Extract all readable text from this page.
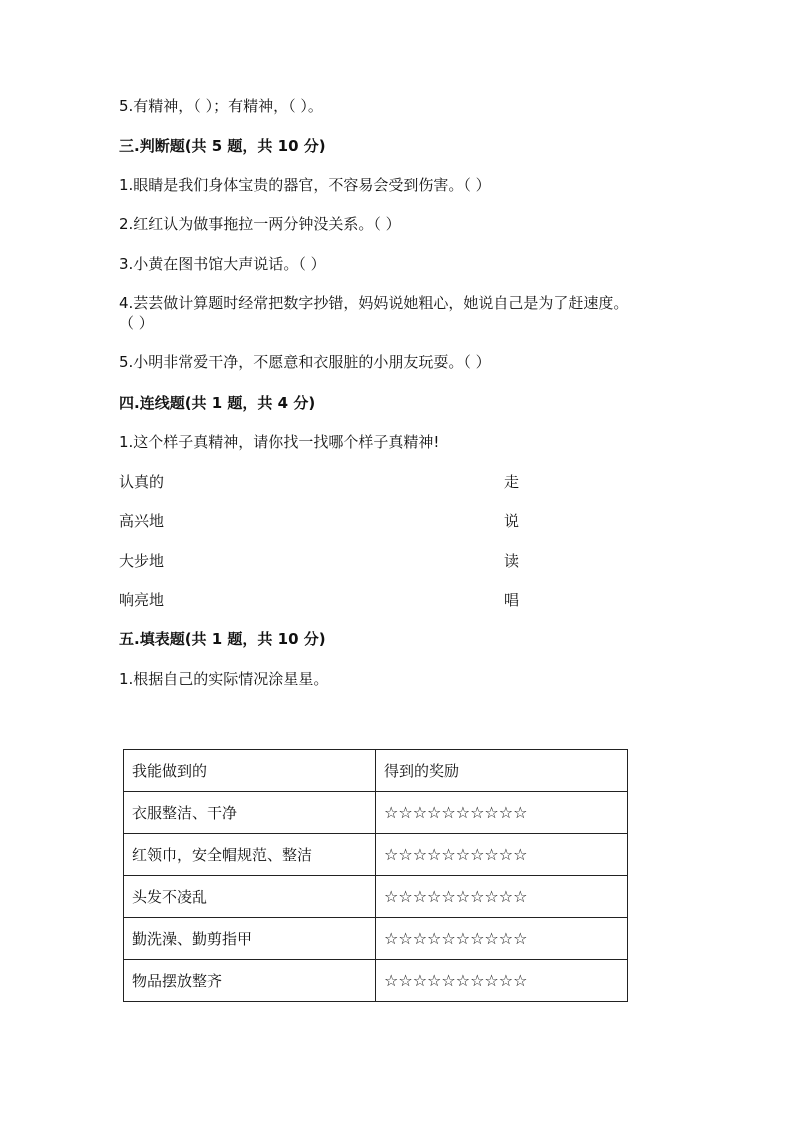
5.有精神，（ ）；有精神，（ ）。
三.判断题(共 5 题，共 10 分)
1.眼睛是我们身体宝贵的器官，不容易会受到伤害。（ ）
2.红红认为做事拖拉一两分钟没关系。（ ）
3.小黄在图书馆大声说话。（ ）
4.芸芸做计算题时经常把数字抄错，妈妈说她粗心，她说自己是为了赶速度。
（ ）
5.小明非常爱干净，不愿意和衣服脏的小朋友玩耍。（ ）
四.连线题(共 1 题，共 4 分)
1.这个样子真精神，请你找一找哪个样子真精神!
认真的	走
高兴地	说
大步地	读
响亮地	唱
五.填表题(共 1 题，共 10 分)
1.根据自己的实际情况涂星星。
我能做到的	得到的奖励
衣服整洁、干净	☆☆☆☆☆☆☆☆☆☆
红领巾，安全帽规范、整洁	☆☆☆☆☆☆☆☆☆☆
头发不凌乱	☆☆☆☆☆☆☆☆☆☆
勤洗澡、勤剪指甲	☆☆☆☆☆☆☆☆☆☆
物品摆放整齐	☆☆☆☆☆☆☆☆☆☆
